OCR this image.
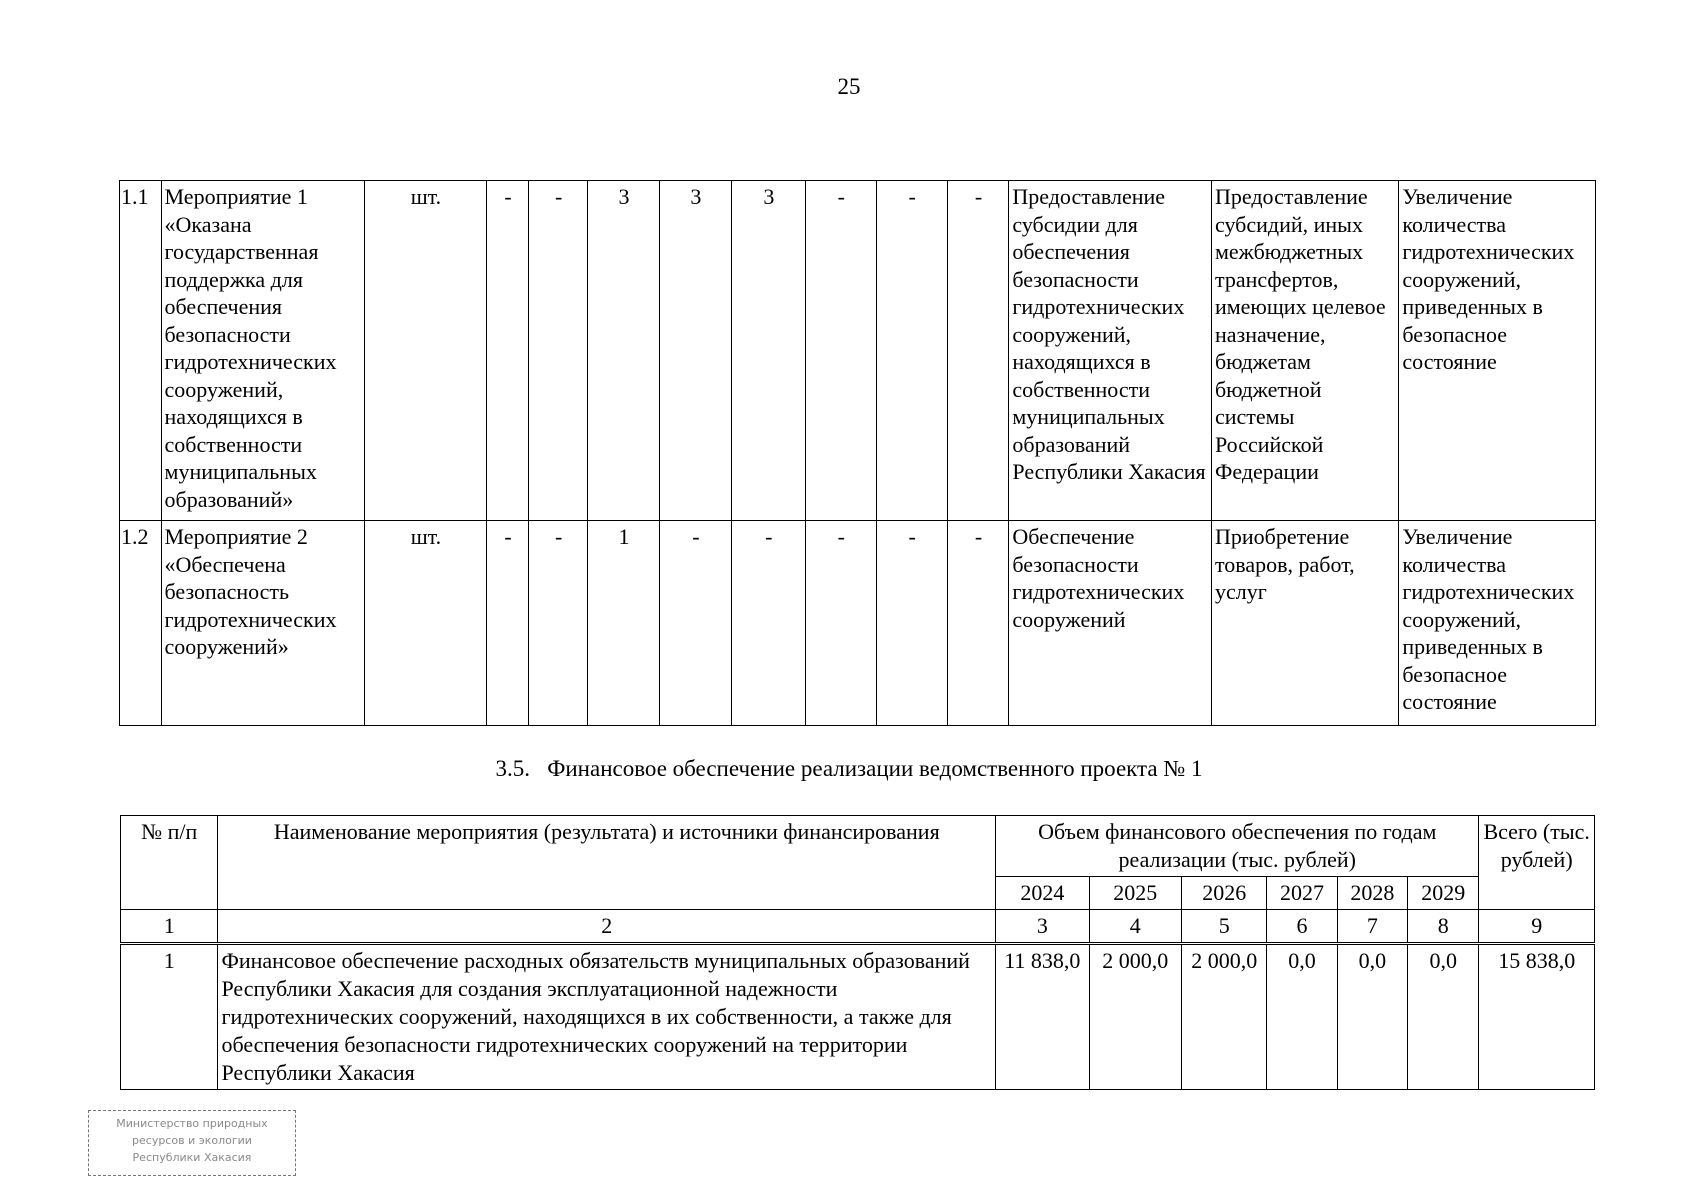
25
1.1	Мероприятие 1 «Оказана государственная поддержка для обеспечения безопасности гидротехнических сооружений, находящихся в собственности муниципальных образований»	шт.	-	-	3	3	3	-	-	-	Предоставление субсидии для обеспечения безопасности гидротехнических сооружений, находящихся в собственности муниципальных образований Республики Хакасия	Предоставление субсидий, иных межбюджетных трансфертов, имеющих целевое назначение, бюджетам бюджетной системы Российской Федерации	Увеличение количества гидротехнических сооружений, приведенных в безопасное состояние
1.2	Мероприятие 2 «Обеспечена безопасность гидротехнических сооружений»	шт.	-	-	1	-	-	-	-	-	Обеспечение безопасности гидротехнических сооружений	Приобретение товаров, работ, услуг	Увеличение количества гидротехнических сооружений, приведенных в безопасное состояние
3.5. Финансовое обеспечение реализации ведомственного проекта № 1
№ п/п	Наименование мероприятия (результата) и источники финансирования	Объем финансового обеспечения по годам реализации (тыс. рублей)						Всего (тыс. рублей)
		2024	2025	2026	2027	2028	2029	
1	2	3	4	5	6	7	8	9
1	Финансовое обеспечение расходных обязательств муниципальных образований Республики Хакасия для создания эксплуатационной надежности гидротехнических сооружений, находящихся в их собственности, а также для обеспечения безопасности гидротехнических сооружений на территории Республики Хакасия	11 838,0	2 000,0	2 000,0	0,0	0,0	0,0	15 838,0
Министерство природных
ресурсов и экологии
Республики Хакасия
